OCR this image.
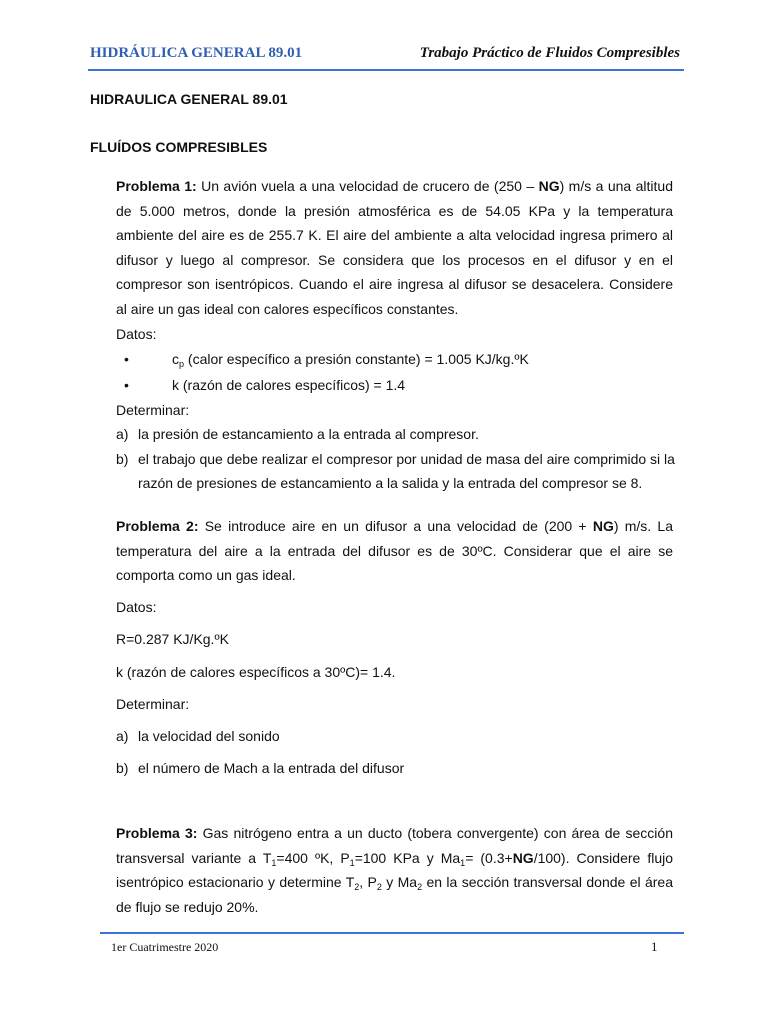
HIDRÁULICA GENERAL 89.01	Trabajo Práctico de Fluidos Compresibles
HIDRAULICA GENERAL 89.01
FLUÍDOS COMPRESIBLES
Problema 1: Un avión vuela a una velocidad de crucero de (250 – NG) m/s a una altitud de 5.000 metros, donde la presión atmosférica es de 54.05 KPa y la temperatura ambiente del aire es de 255.7 K. El aire del ambiente a alta velocidad ingresa primero al difusor y luego al compresor. Se considera que los procesos en el difusor y en el compresor son isentrópicos. Cuando el aire ingresa al difusor se desacelera. Considere al aire un gas ideal con calores específicos constantes.
Datos:
•	$c_p$ (calor específico a presión constante) = 1.005 KJ/kg.ºK
•	k (razón de calores específicos) = 1.4
Determinar:
a) la presión de estancamiento a la entrada al compresor.
b) el trabajo que debe realizar el compresor por unidad de masa del aire comprimido si la
razón de presiones de estancamiento a la salida y la entrada del compresor se 8.
Problema 2: Se introduce aire en un difusor a una velocidad de (200 + NG) m/s. La temperatura del aire a la entrada del difusor es de 30ºC. Considerar que el aire se comporta como un gas ideal.
Datos:
R=0.287 KJ/Kg.ºK
k (razón de calores específicos a 30ºC)= 1.4.
Determinar:
a) la velocidad del sonido
b) el número de Mach a la entrada del difusor
Problema 3: Gas nitrógeno entra a un ducto (tobera convergente) con área de sección transversal variante a $T_1=400$ ºK, $P_1=100$ KPa y $Ma_1= (0.3+NG/100)$. Considere flujo isentrópico estacionario y determine $T_2$, $P_2$ y $Ma_2$ en la sección transversal donde el área de flujo se redujo 20%.
1er Cuatrimestre 2020	1
